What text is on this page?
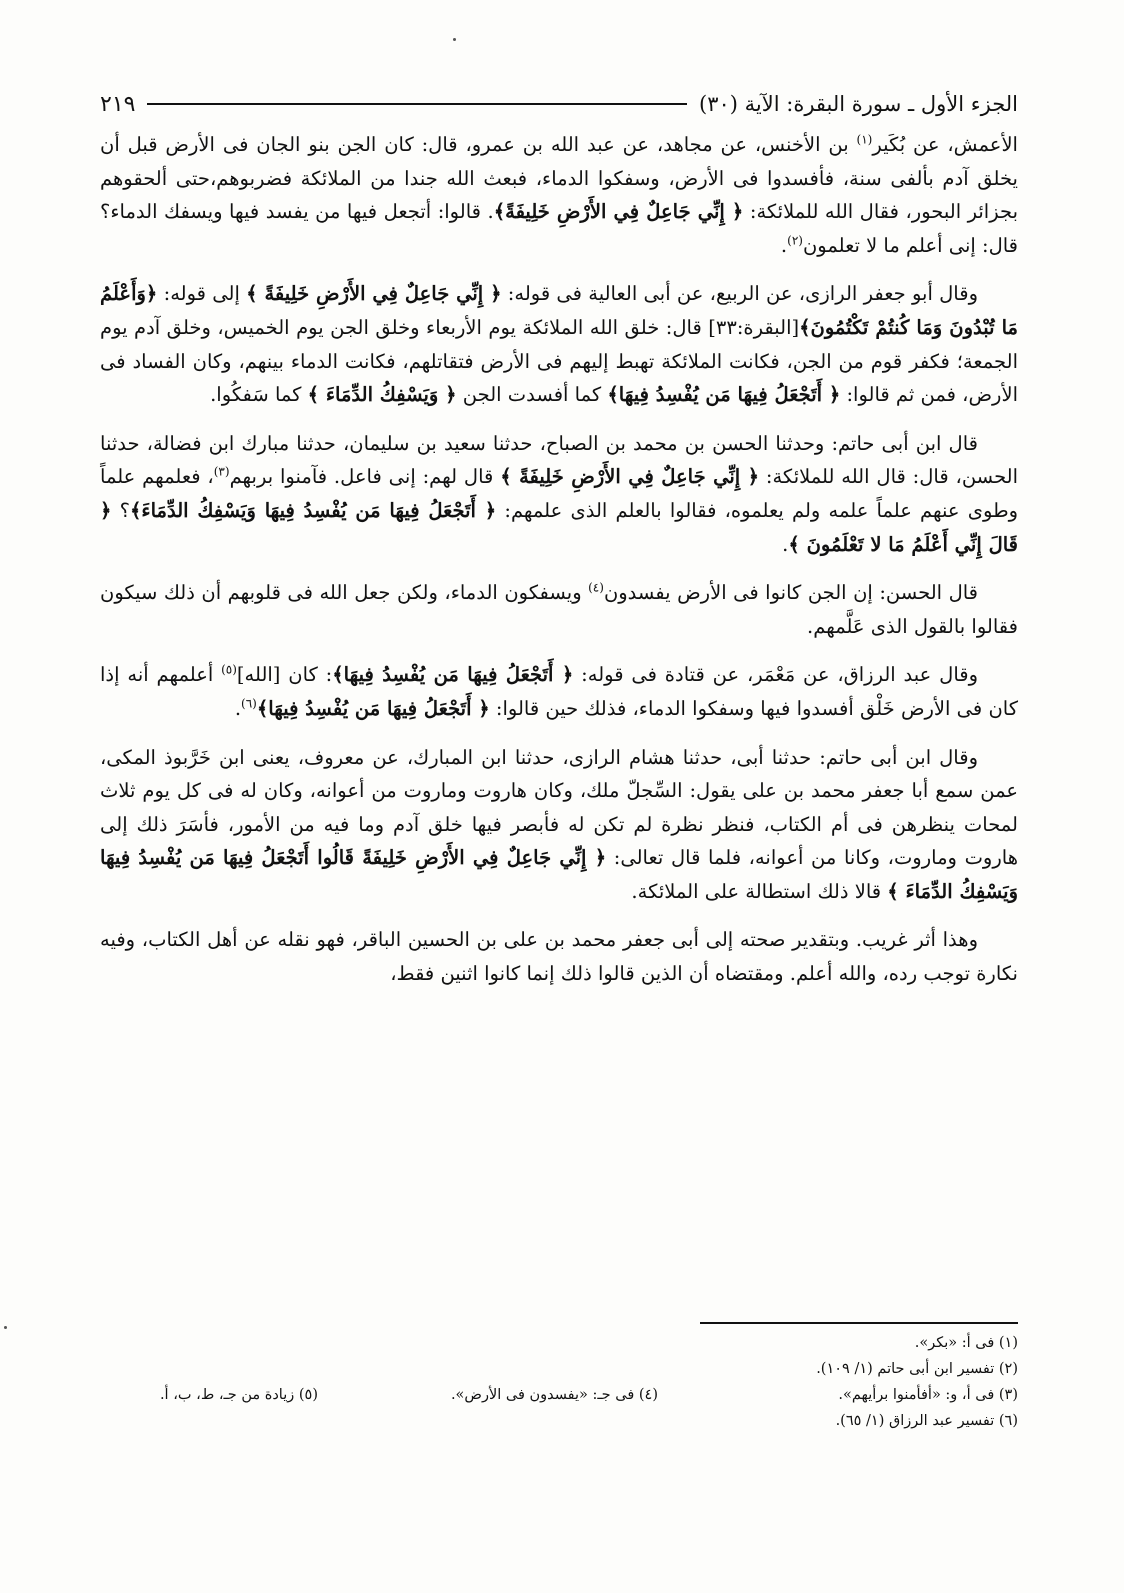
الجزء الأول ـ سورة البقرة: الآية (٣٠)
٢١٩

الأعمش، عن بُكَير$^{(١)}$ بن الأخنس، عن مجاهد، عن عبد الله بن عمرو، قال: كان الجن بنو الجان فى الأرض قبل أن يخلق آدم بألفى سنة، فأفسدوا فى الأرض، وسفكوا الدماء، فبعث الله جندا من الملائكة فضربوهم،حتى ألحقوهم بجزائر البحور، فقال الله للملائكة: ﴿ إِنِّي جَاعِلٌ فِي الأَرْضِ خَلِيفَةً﴾. قالوا: أتجعل فيها من يفسد فيها ويسفك الدماء؟ قال: إنى أعلم ما لا تعلمون$^{(٢)}$.

وقال أبو جعفر الرازى، عن الربيع، عن أبى العالية فى قوله: ﴿ إِنِّي جَاعِلٌ فِي الأَرْضِ خَلِيفَةً ﴾ إلى قوله: ﴿وَأَعْلَمُ مَا تُبْدُونَ وَمَا كُنتُمْ تَكْتُمُونَ﴾[البقرة:٣٣] قال: خلق الله الملائكة يوم الأربعاء وخلق الجن يوم الخميس، وخلق آدم يوم الجمعة؛ فكفر قوم من الجن، فكانت الملائكة تهبط إليهم فى الأرض فتقاتلهم، فكانت الدماء بينهم، وكان الفساد فى الأرض، فمن ثم قالوا: ﴿ أَتَجْعَلُ فِيهَا مَن يُفْسِدُ فِيهَا﴾ كما أفسدت الجن ﴿ وَيَسْفِكُ الدِّمَاءَ ﴾ كما سَفكُوا.

قال ابن أبى حاتم: وحدثنا الحسن بن محمد بن الصباح، حدثنا سعيد بن سليمان، حدثنا مبارك ابن فضالة، حدثنا الحسن، قال: قال الله للملائكة: ﴿ إِنِّي جَاعِلٌ فِي الأَرْضِ خَلِيفَةً ﴾ قال لهم: إنى فاعل. فآمنوا بربهم$^{(٣)}$، فعلمهم علماً وطوى عنهم علماً علمه ولم يعلموه، فقالوا بالعلم الذى علمهم: ﴿ أَتَجْعَلُ فِيهَا مَن يُفْسِدُ فِيهَا وَيَسْفِكُ الدِّمَاءَ﴾؟ ﴿ قَالَ إِنِّي أَعْلَمُ مَا لا تَعْلَمُونَ ﴾.

قال الحسن: إن الجن كانوا فى الأرض يفسدون$^{(٤)}$ ويسفكون الدماء، ولكن جعل الله فى قلوبهم أن ذلك سيكون فقالوا بالقول الذى عَلَّمهم.

وقال عبد الرزاق، عن مَعْمَر، عن قتادة فى قوله: ﴿ أَتَجْعَلُ فِيهَا مَن يُفْسِدُ فِيهَا﴾: كان [الله]$^{(٥)}$ أعلمهم أنه إذا كان فى الأرض خَلْق أفسدوا فيها وسفكوا الدماء، فذلك حين قالوا: ﴿ أَتَجْعَلُ فِيهَا مَن يُفْسِدُ فِيهَا﴾$^{(٦)}$.

وقال ابن أبى حاتم: حدثنا أبى، حدثنا هشام الرازى، حدثنا ابن المبارك، عن معروف، يعنى ابن خَرَّبوذ المكى، عمن سمع أبا جعفر محمد بن على يقول: السِّجلّ ملك، وكان هاروت وماروت من أعوانه، وكان له فى كل يوم ثلاث لمحات ينظرهن فى أم الكتاب، فنظر نظرة لم تكن له فأبصر فيها خلق آدم وما فيه من الأمور، فأسَرَ ذلك إلى هاروت وماروت، وكانا من أعوانه، فلما قال تعالى: ﴿ إِنِّي جَاعِلٌ فِي الأَرْضِ خَلِيفَةً قَالُوا أَتَجْعَلُ فِيهَا مَن يُفْسِدُ فِيهَا وَيَسْفِكُ الدِّمَاءَ ﴾ قالا ذلك استطالة على الملائكة.

وهذا أثر غريب. وبتقدير صحته إلى أبى جعفر محمد بن على بن الحسين الباقر، فهو نقله عن أهل الكتاب، وفيه نكارة توجب رده، والله أعلم. ومقتضاه أن الذين قالوا ذلك إنما كانوا اثنين فقط،

(١) فى أ: «بكر».
(٢) تفسير ابن أبى حاتم (١/ ١٠٩).
(٣) فى أ، و: «أفأمنوا برأيهم».
(٤) فى جـ: «يفسدون فى الأرض».
(٥) زيادة من جـ، ط، ب، أ.
(٦) تفسير عبد الرزاق (١/ ٦٥).
